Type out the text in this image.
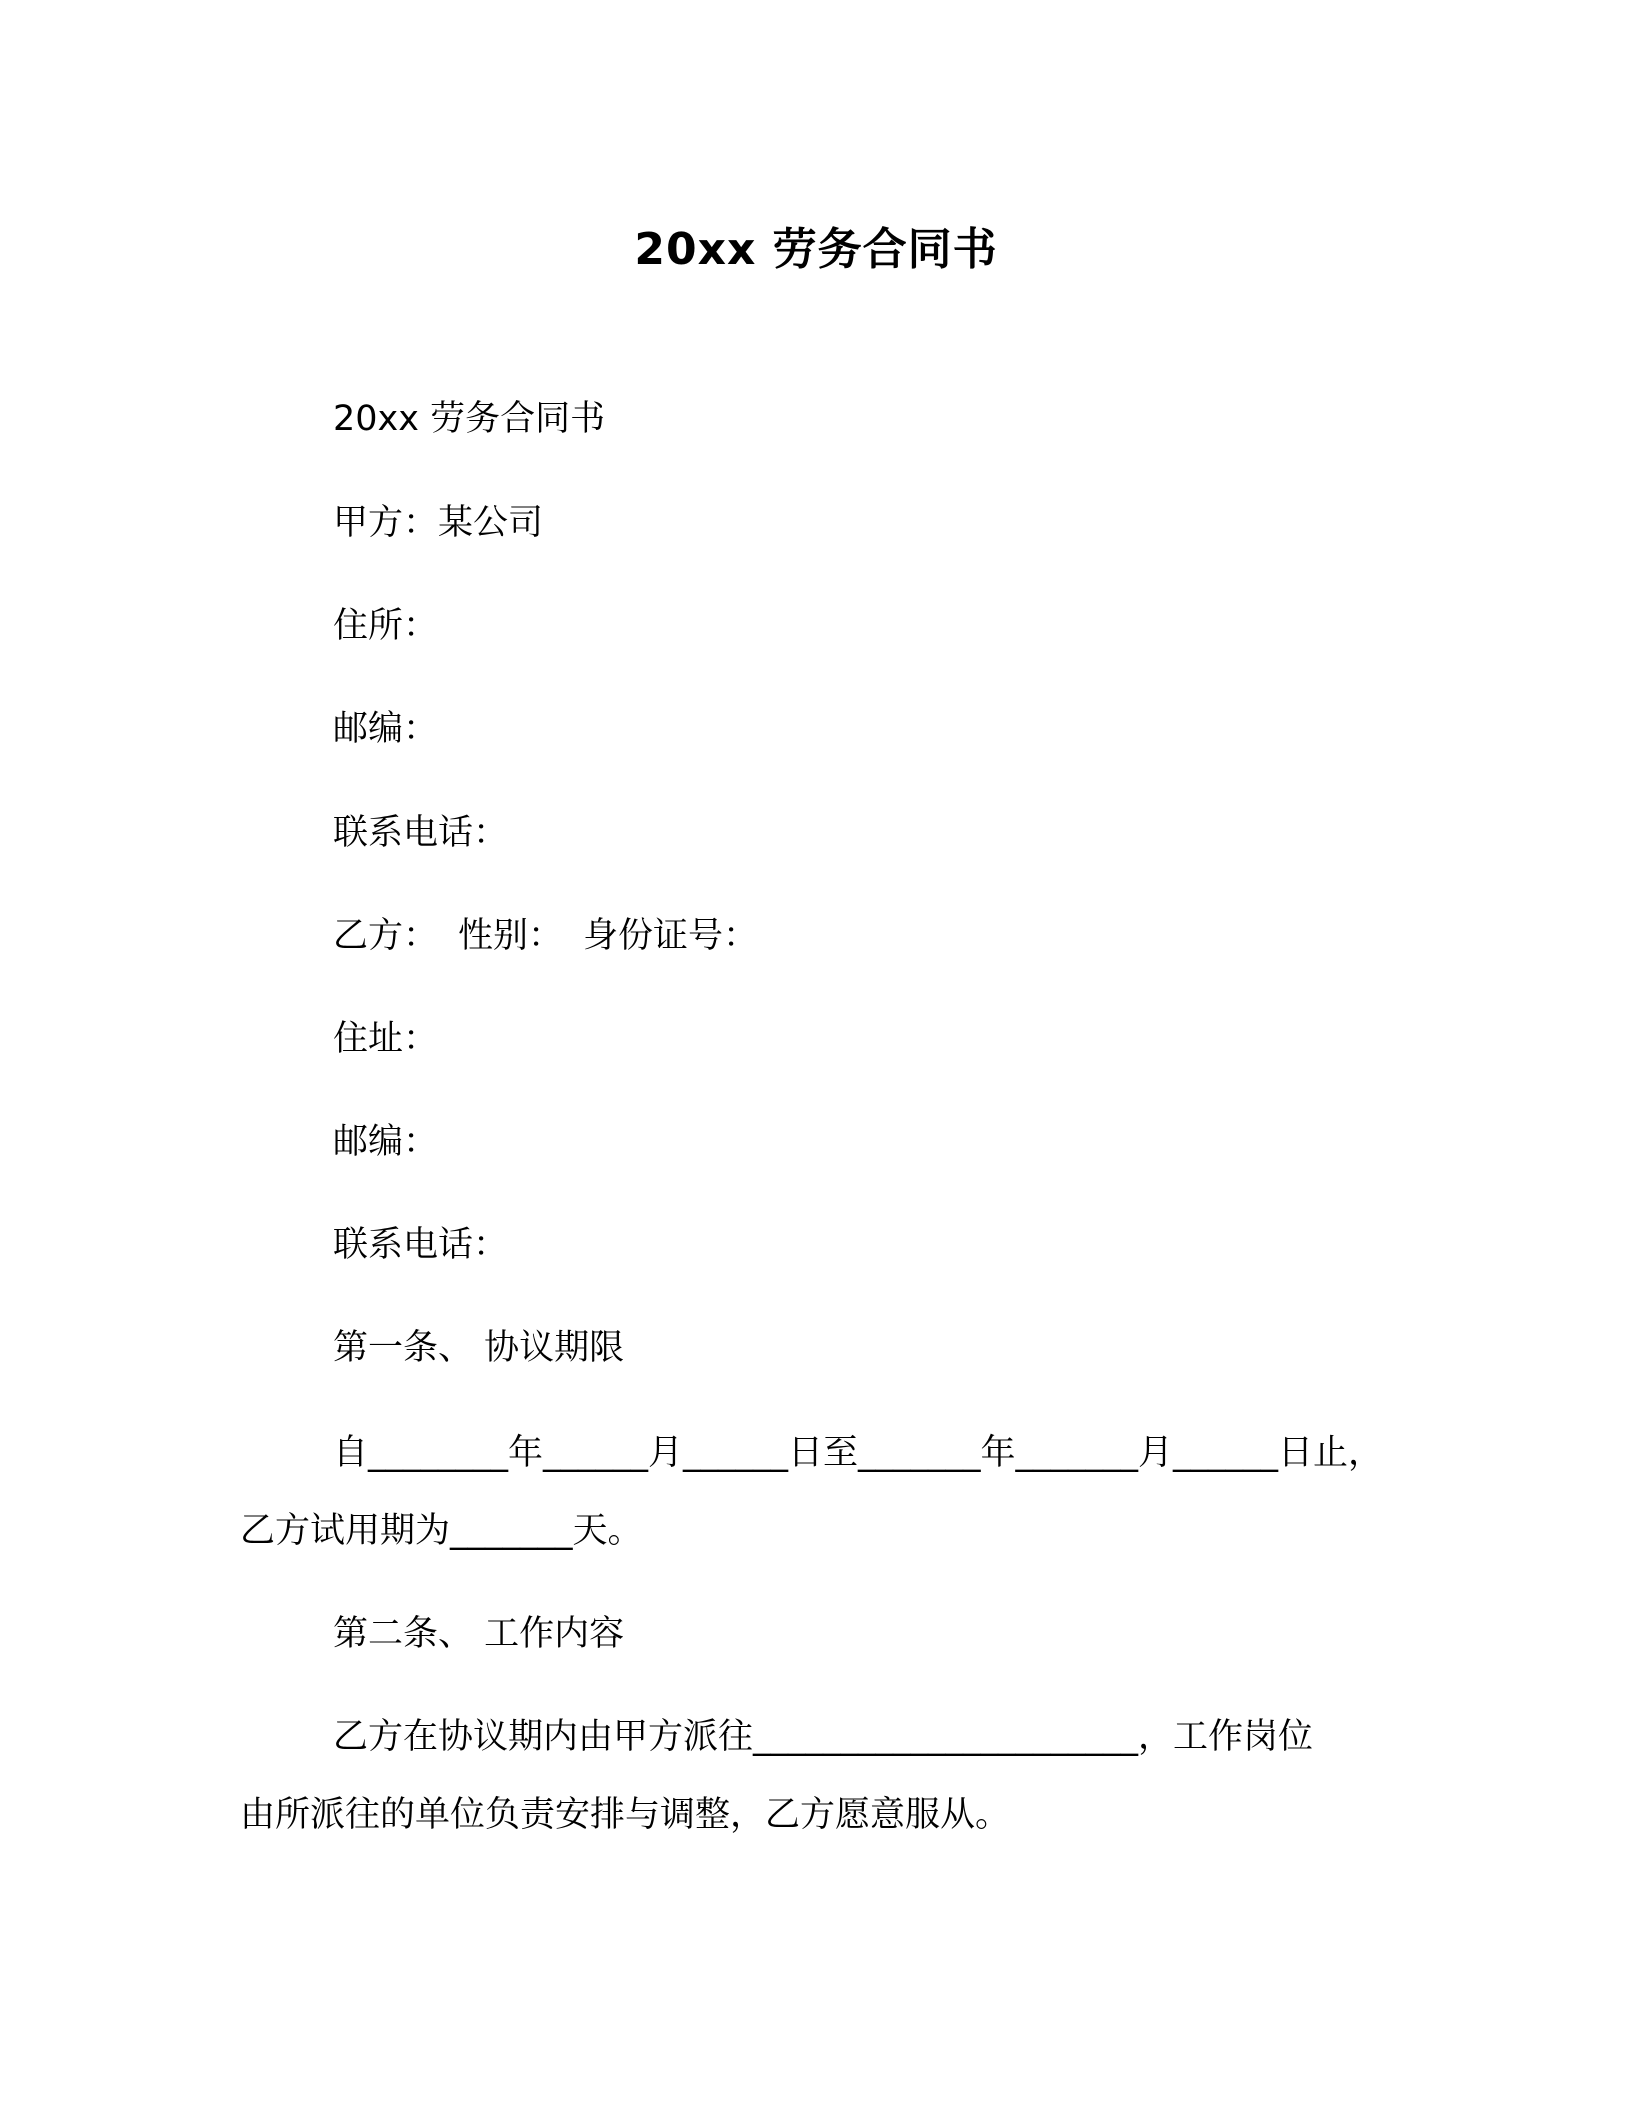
20xx 劳务合同书
20xx 劳务合同书
甲方：某公司
住所：
邮编：
联系电话：
乙方： 性别： 身份证号：
住址：
邮编：
联系电话：
第一条、 协议期限
自________年______月______日至_______年_______月______日止，
乙方试用期为_______天。
第二条、 工作内容
乙方在协议期内由甲方派往______________________，工作岗位
由所派往的单位负责安排与调整，乙方愿意服从。
